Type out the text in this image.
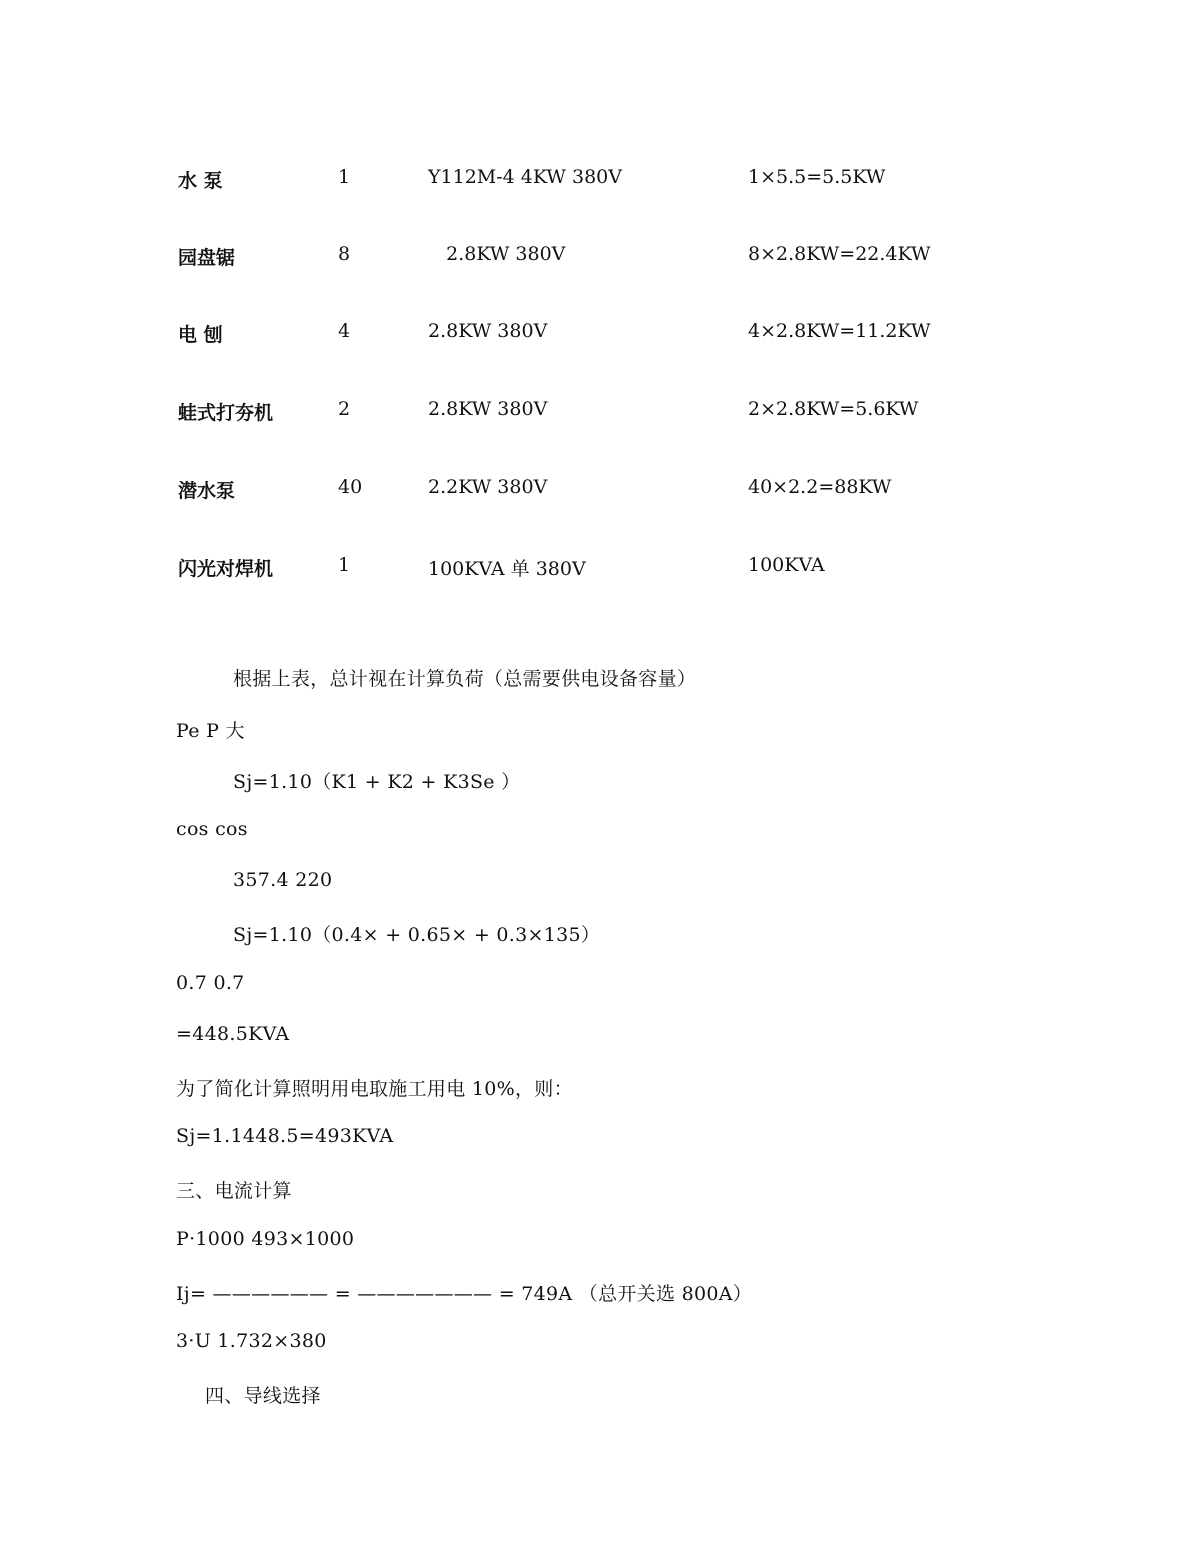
水 泵	1	Y112M-4 4KW 380V	1×5.5=5.5KW
园盘锯	8	2.8KW 380V	8×2.8KW=22.4KW
电 刨	4	2.8KW 380V	4×2.8KW=11.2KW
蛙式打夯机	2	2.8KW 380V	2×2.8KW=5.6KW
潜水泵	40	2.2KW 380V	40×2.2=88KW
闪光对焊机	1	100KVA 单 380V	100KVA
根据上表，总计视在计算负荷（总需要供电设备容量）
Pe P 大
Sj=1.10（K1 + K2 + K3Se ）
cos cos
357.4 220
Sj=1.10（0.4× + 0.65× + 0.3×135）
0.7 0.7
=448.5KVA
为了简化计算照明用电取施工用电 10%，则：
Sj=1.1448.5=493KVA
三、电流计算
P·1000 493×1000
Ij= —————— = ——————— = 749A （总开关选 800A）
3·U 1.732×380
四、导线选择
